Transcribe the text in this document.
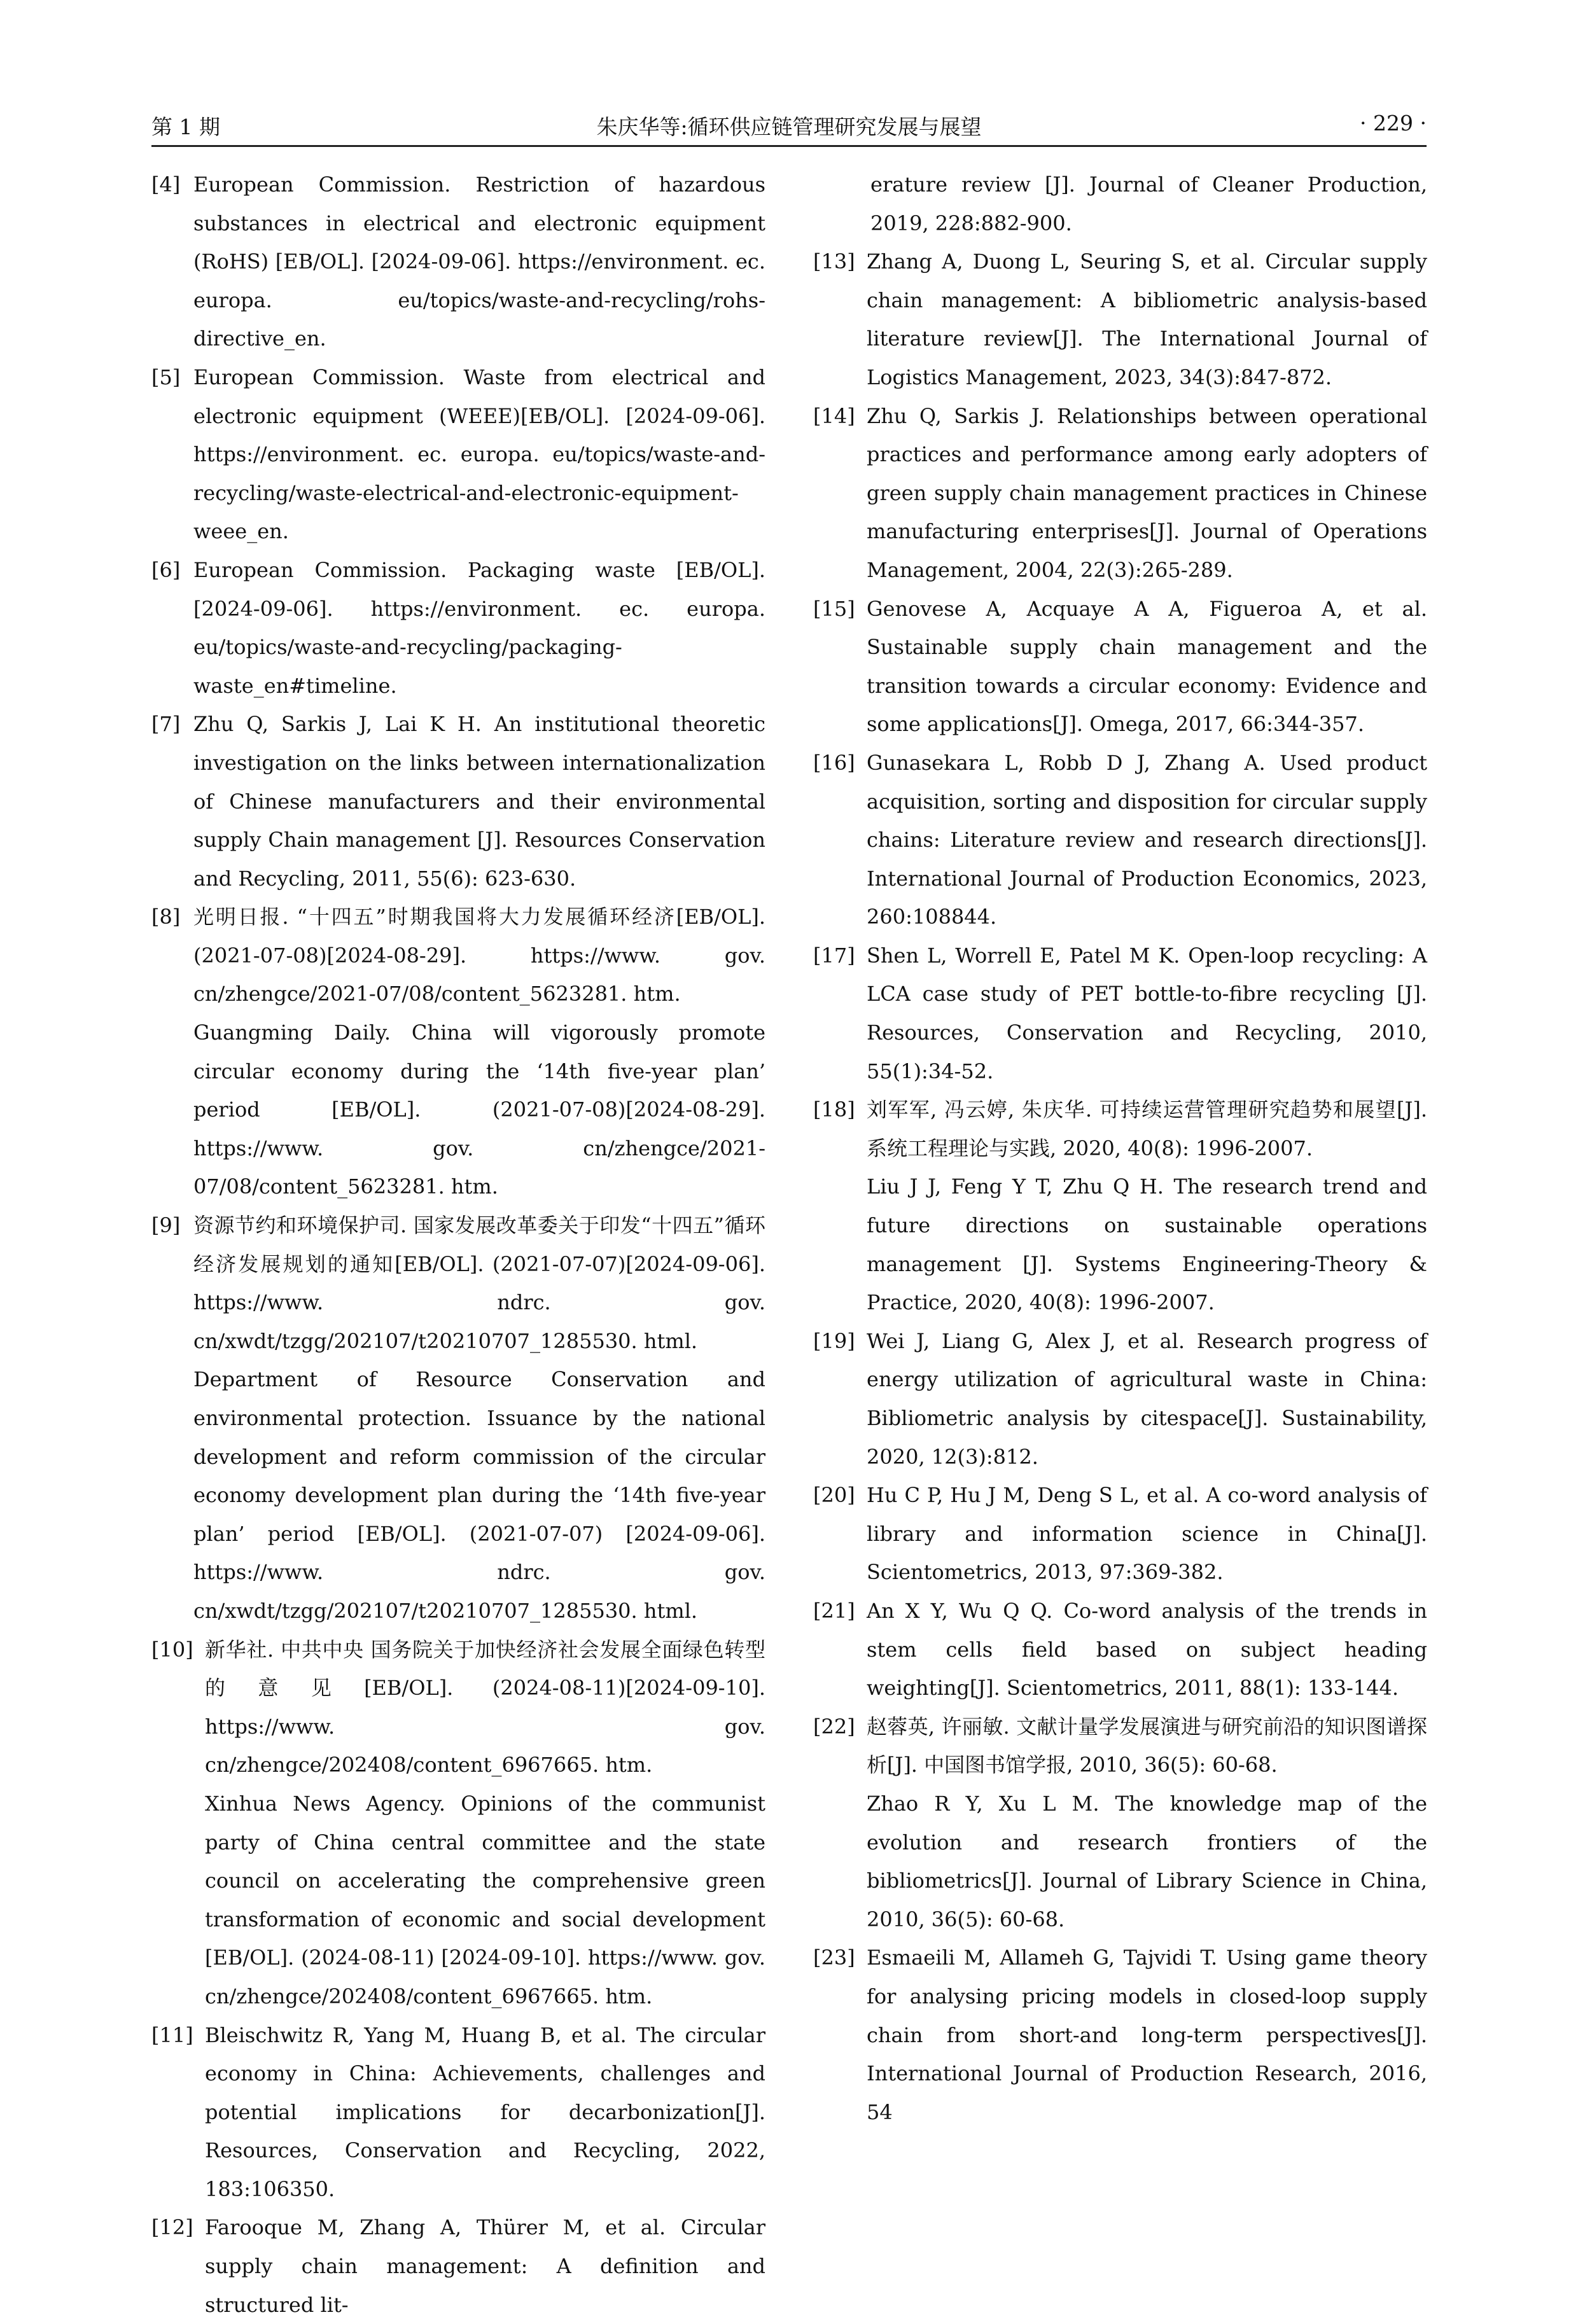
第 1 期	朱庆华等:循环供应链管理研究发展与展望	· 229 ·
[4] European Commission. Restriction of hazardous substances in electrical and electronic equipment (RoHS) [EB/OL]. [2024-09-06]. https://environment. ec. europa. eu/topics/waste-and-recycling/rohs-directive_en.
[5] European Commission. Waste from electrical and electronic equipment (WEEE)[EB/OL]. [2024-09-06]. https://environment. ec. europa. eu/topics/waste-and-recycling/waste-electrical-and-electronic-equipment-weee_en.
[6] European Commission. Packaging waste [EB/OL]. [2024-09-06]. https://environment. ec. europa. eu/topics/waste-and-recycling/packaging-waste_en#timeline.
[7] Zhu Q, Sarkis J, Lai K H. An institutional theoretic investigation on the links between internationalization of Chinese manufacturers and their environmental supply Chain management [J]. Resources Conservation and Recycling, 2011, 55(6): 623-630.
[8] 光明日报. “十四五”时期我国将大力发展循环经济[EB/OL]. (2021-07-08)[2024-08-29]. https://www. gov. cn/zhengce/2021-07/08/content_5623281. htm.
Guangming Daily. China will vigorously promote circular economy during the ‘14th five-year plan’ period [EB/OL]. (2021-07-08)[2024-08-29]. https://www. gov. cn/zhengce/2021-07/08/content_5623281. htm.
[9] 资源节约和环境保护司. 国家发展改革委关于印发“十四五”循环经济发展规划的通知[EB/OL]. (2021-07-07)[2024-09-06]. https://www. ndrc. gov. cn/xwdt/tzgg/202107/t20210707_1285530. html.
Department of Resource Conservation and environmental protection. Issuance by the national development and reform commission of the circular economy development plan during the ‘14th five-year plan’ period [EB/OL]. (2021-07-07) [2024-09-06]. https://www. ndrc. gov. cn/xwdt/tzgg/202107/t20210707_1285530. html.
[10] 新华社. 中共中央 国务院关于加快经济社会发展全面绿色转型的意见[EB/OL]. (2024-08-11)[2024-09-10]. https://www. gov. cn/zhengce/202408/content_6967665. htm.
Xinhua News Agency. Opinions of the communist party of China central committee and the state council on accelerating the comprehensive green transformation of economic and social development [EB/OL]. (2024-08-11) [2024-09-10]. https://www. gov. cn/zhengce/202408/content_6967665. htm.
[11] Bleischwitz R, Yang M, Huang B, et al. The circular economy in China: Achievements, challenges and potential implications for decarbonization[J]. Resources, Conservation and Recycling, 2022, 183:106350.
[12] Farooque M, Zhang A, Thürer M, et al. Circular supply chain management: A definition and structured lit-
erature review [J]. Journal of Cleaner Production, 2019, 228:882-900.
[13] Zhang A, Duong L, Seuring S, et al. Circular supply chain management: A bibliometric analysis-based literature review[J]. The International Journal of Logistics Management, 2023, 34(3):847-872.
[14] Zhu Q, Sarkis J. Relationships between operational practices and performance among early adopters of green supply chain management practices in Chinese manufacturing enterprises[J]. Journal of Operations Management, 2004, 22(3):265-289.
[15] Genovese A, Acquaye A A, Figueroa A, et al. Sustainable supply chain management and the transition towards a circular economy: Evidence and some applications[J]. Omega, 2017, 66:344-357.
[16] Gunasekara L, Robb D J, Zhang A. Used product acquisition, sorting and disposition for circular supply chains: Literature review and research directions[J]. International Journal of Production Economics, 2023, 260:108844.
[17] Shen L, Worrell E, Patel M K. Open-loop recycling: A LCA case study of PET bottle-to-fibre recycling [J]. Resources, Conservation and Recycling, 2010, 55(1):34-52.
[18] 刘军军, 冯云婷, 朱庆华. 可持续运营管理研究趋势和展望[J]. 系统工程理论与实践, 2020, 40(8): 1996-2007.
Liu J J, Feng Y T, Zhu Q H. The research trend and future directions on sustainable operations management [J]. Systems Engineering-Theory & Practice, 2020, 40(8): 1996-2007.
[19] Wei J, Liang G, Alex J, et al. Research progress of energy utilization of agricultural waste in China: Bibliometric analysis by citespace[J]. Sustainability, 2020, 12(3):812.
[20] Hu C P, Hu J M, Deng S L, et al. A co-word analysis of library and information science in China[J]. Scientometrics, 2013, 97:369-382.
[21] An X Y, Wu Q Q. Co-word analysis of the trends in stem cells field based on subject heading weighting[J]. Scientometrics, 2011, 88(1): 133-144.
[22] 赵蓉英, 许丽敏. 文献计量学发展演进与研究前沿的知识图谱探析[J]. 中国图书馆学报, 2010, 36(5): 60-68.
Zhao R Y, Xu L M. The knowledge map of the evolution and research frontiers of the bibliometrics[J]. Journal of Library Science in China, 2010, 36(5): 60-68.
[23] Esmaeili M, Allameh G, Tajvidi T. Using game theory for analysing pricing models in closed-loop supply chain from short-and long-term perspectives[J]. International Journal of Production Research, 2016, 54
